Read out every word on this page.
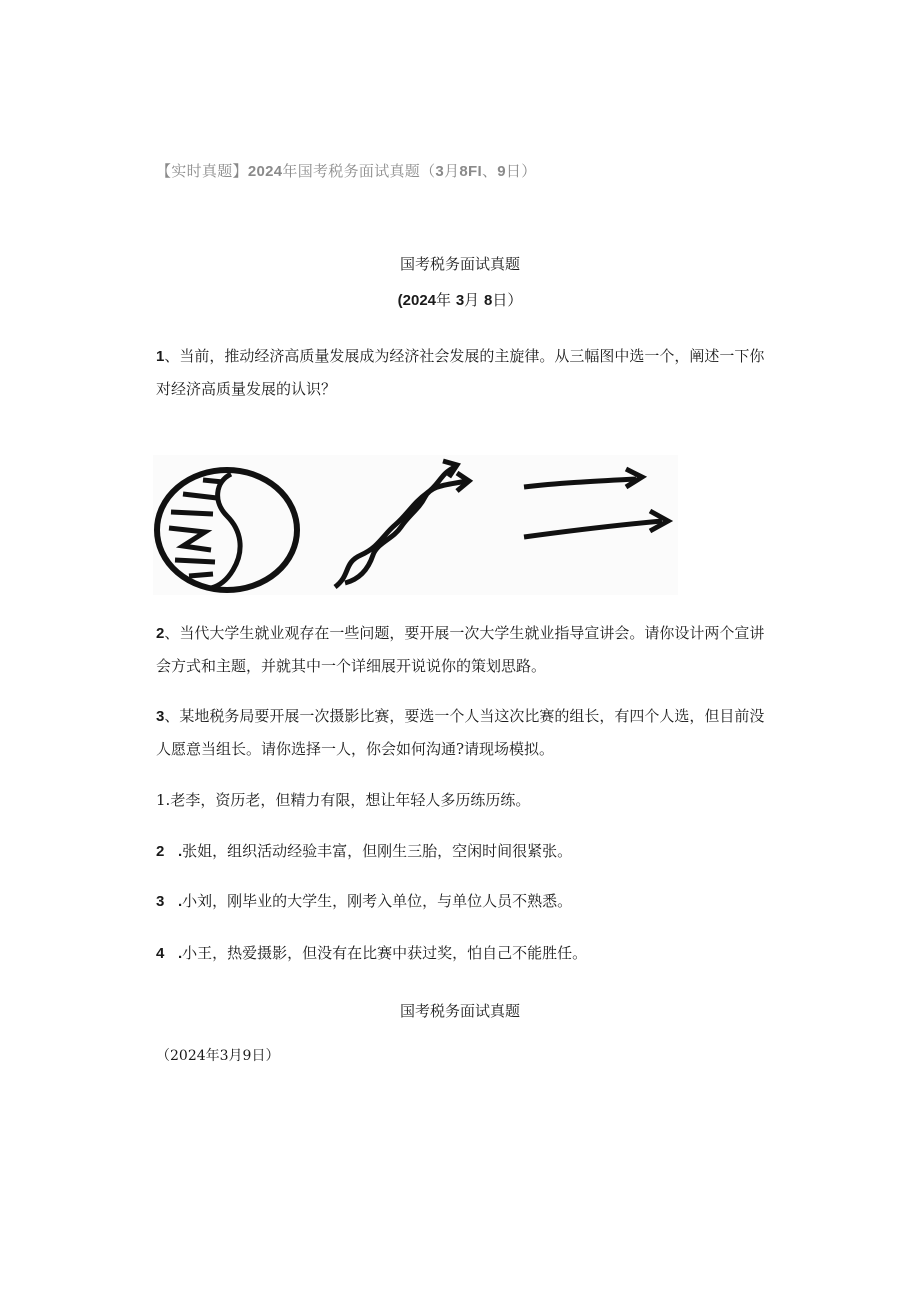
【实时真题】2024年国考税务面试真题（3月8FI、9日）
国考税务面试真题
(2024年 3月 8日）
1、当前，推动经济高质量发展成为经济社会发展的主旋律。从三幅图中选一个，阐述一下你对经济高质量发展的认识？
2、当代大学生就业观存在一些问题，要开展一次大学生就业指导宣讲会。请你设计两个宣讲会方式和主题，并就其中一个详细展开说说你的策划思路。
3、某地税务局要开展一次摄影比赛，要选一个人当这次比赛的组长，有四个人选，但目前没人愿意当组长。请你选择一人，你会如何沟通?请现场模拟。
1.老李，资历老，但精力有限，想让年轻人多历练历练。
2 .张姐，组织活动经验丰富，但刚生三胎，空闲时间很紧张。
3 .小刘，刚毕业的大学生，刚考入单位，与单位人员不熟悉。
4 .小王，热爱摄影，但没有在比赛中获过奖，怕自己不能胜任。
国考税务面试真题
（2024年3月9日）
